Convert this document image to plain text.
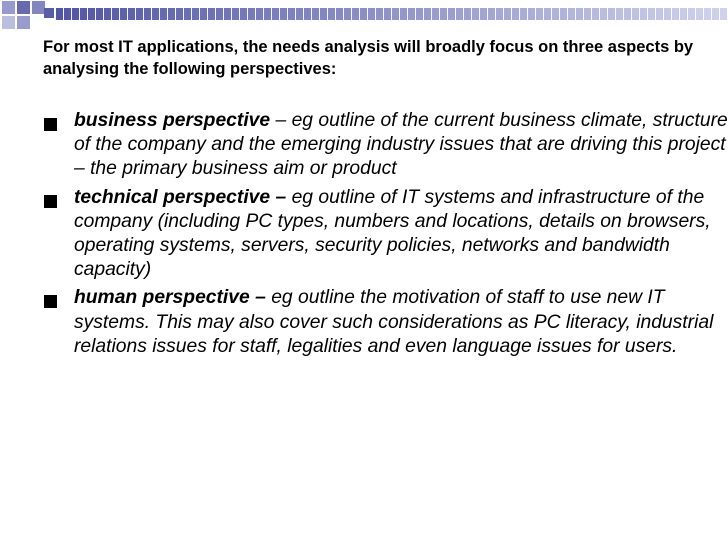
For most IT applications, the needs analysis will broadly focus on three aspects by analysing the following perspectives:

business perspective – eg outline of the current business climate, structure of the company and the emerging industry issues that are driving this project – the primary business aim or product
technical perspective – eg outline of IT systems and infrastructure of the company (including PC types, numbers and locations, details on browsers, operating systems, servers, security policies, networks and bandwidth capacity)
human perspective – eg outline the motivation of staff to use new IT systems. This may also cover such considerations as PC literacy, industrial relations issues for staff, legalities and even language issues for users.
